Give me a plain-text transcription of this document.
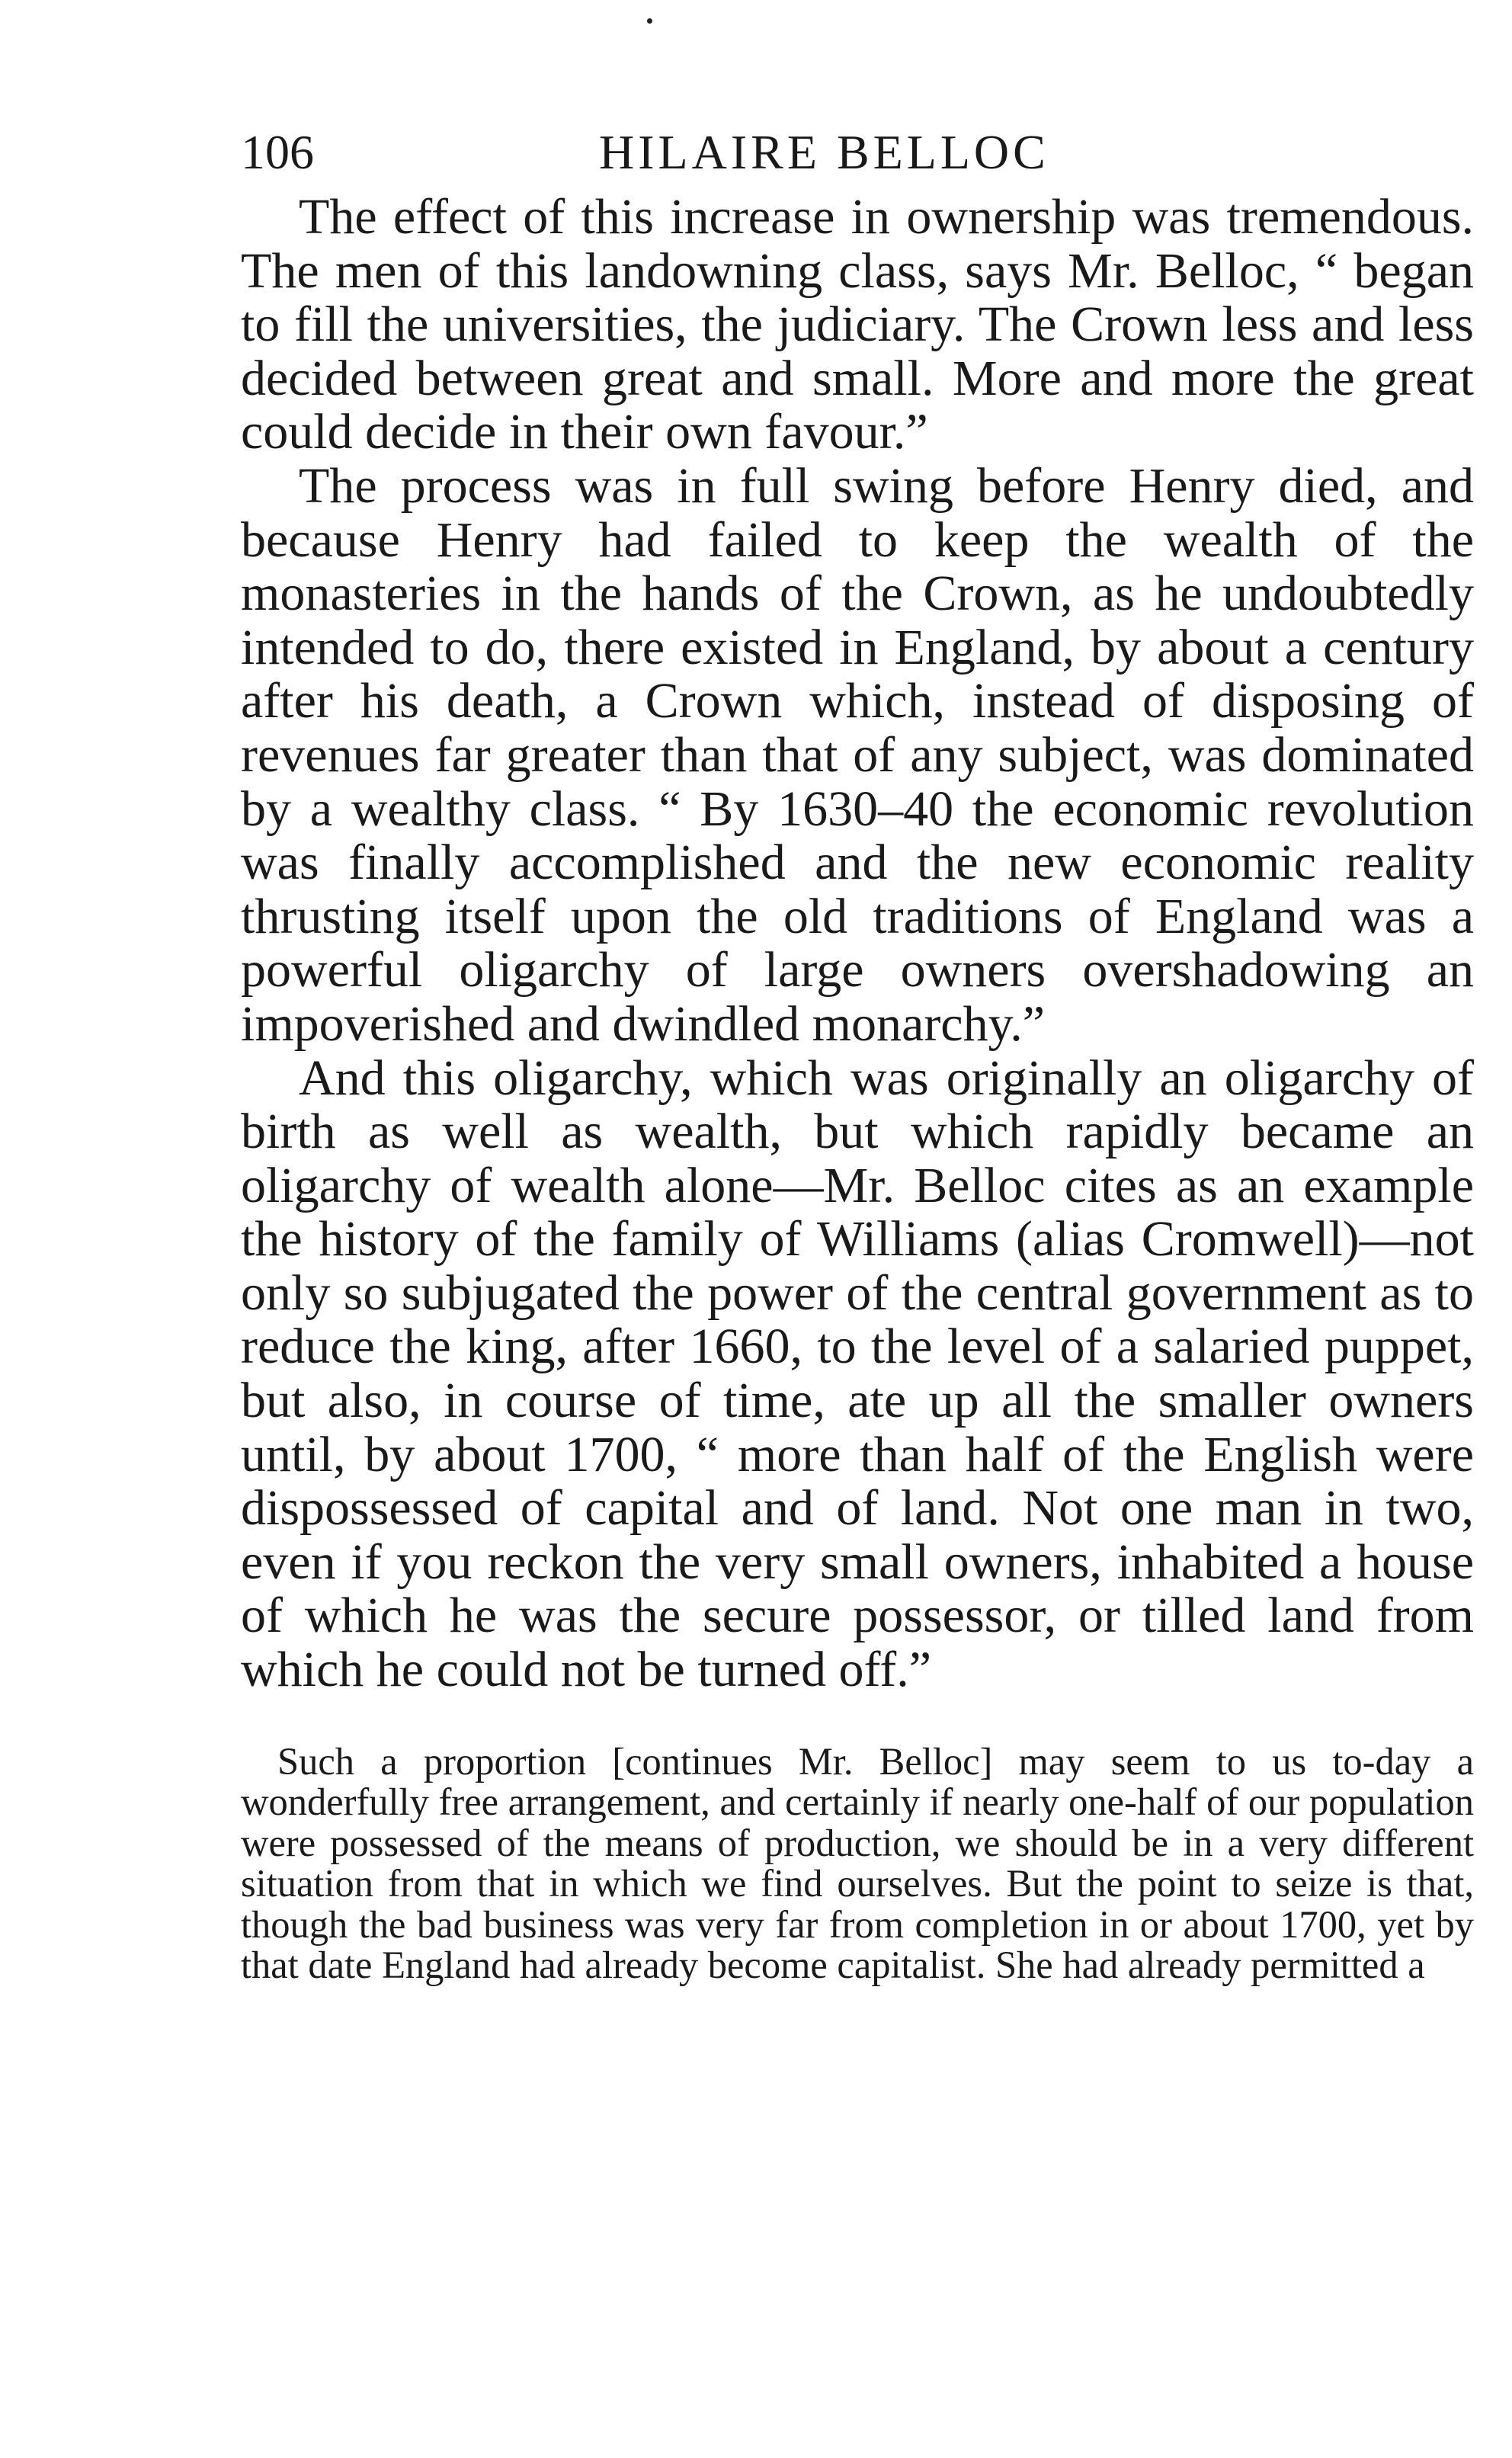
106	HILAIRE BELLOC

The effect of this increase in ownership was tremendous. The men of this landowning class, says Mr. Belloc, “ began to fill the universities, the judiciary. The Crown less and less decided between great and small. More and more the great could decide in their own favour.”

The process was in full swing before Henry died, and because Henry had failed to keep the wealth of the monasteries in the hands of the Crown, as he undoubtedly intended to do, there existed in England, by about a century after his death, a Crown which, instead of disposing of revenues far greater than that of any subject, was dominated by a wealthy class. “ By 1630–40 the economic revolution was finally accomplished and the new economic reality thrusting itself upon the old traditions of England was a powerful oligarchy of large owners overshadowing an impoverished and dwindled monarchy.”

And this oligarchy, which was originally an oligarchy of birth as well as wealth, but which rapidly became an oligarchy of wealth alone—Mr. Belloc cites as an example the history of the family of Williams (alias Cromwell)—not only so subjugated the power of the central government as to reduce the king, after 1660, to the level of a salaried puppet, but also, in course of time, ate up all the smaller owners until, by about 1700, “ more than half of the English were dispossessed of capital and of land. Not one man in two, even if you reckon the very small owners, inhabited a house of which he was the secure possessor, or tilled land from which he could not be turned off.”

Such a proportion [continues Mr. Belloc] may seem to us to-day a wonderfully free arrangement, and certainly if nearly one-half of our population were possessed of the means of production, we should be in a very different situation from that in which we find ourselves. But the point to seize is that, though the bad business was very far from completion in or about 1700, yet by that date England had already become capitalist. She had already permitted a
